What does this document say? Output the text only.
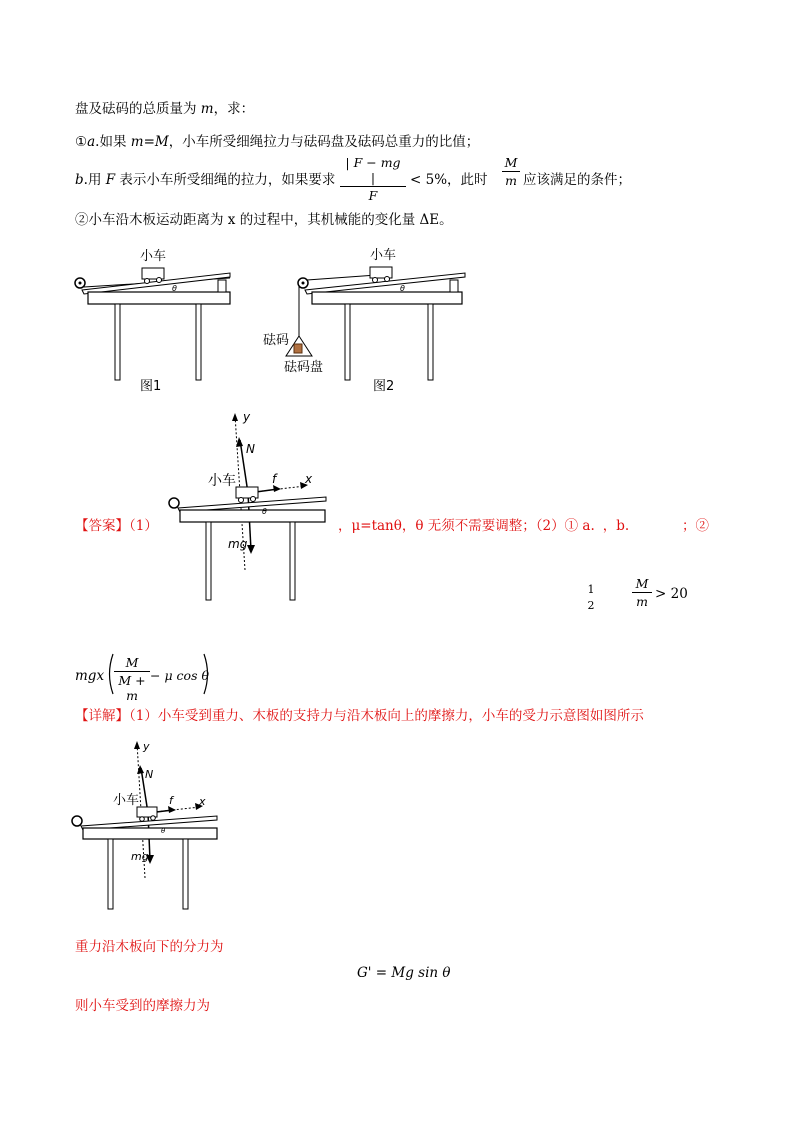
盘及砝码的总质量为 m，求：
①a.如果 m=M，小车所受细绳拉力与砝码盘及砝码总重力的比值；
b.用 F 表示小车所受细绳的拉力，如果要求
| F − mg |
F
< 5%，此时
M
m 应该满足的条件；
②小车沿木板运动距离为 x 的过程中，其机械能的变化量 ΔE。
小车
θ
图1
小车
θ
砝码
砝码盘
图2
y
N
f x
小车
mg
θ
【答案】（1）	，μ=tanθ，θ 无须不需要调整；（2）① a. ，b.	；②
1
2
M
m > 20
mgx
M
M + m
− μ cos θ
【详解】（1）小车受到重力、木板的支持力与沿木板向上的摩擦力，小车的受力示意图如图所示
y
N
f x
小车
mg
θ
重力沿木板向下的分力为
G' = Mg sin θ
则小车受到的摩擦力为
